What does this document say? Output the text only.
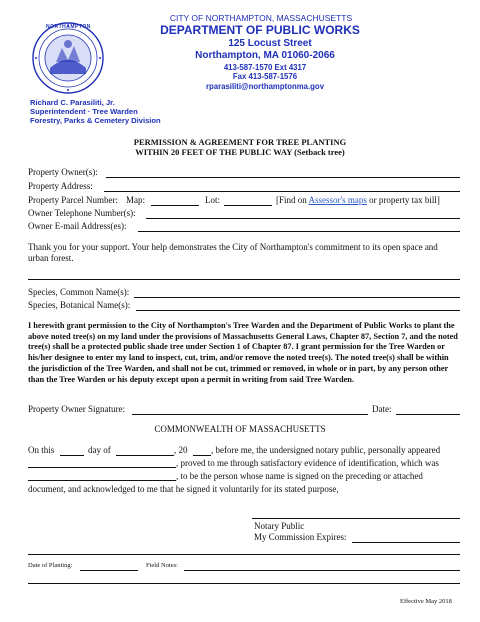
NORTHAMPTON
CITY OF NORTHAMPTON, MASSACHUSETTS
DEPARTMENT OF PUBLIC WORKS
125 Locust Street
Northampton, MA 01060-2066
413-587-1570 Ext 4317
Fax 413-587-1576
rparasiliti@northamptonma.gov
Richard C. Parasiliti, Jr.
Superintendent · Tree Warden
Forestry, Parks & Cemetery Division
PERMISSION & AGREEMENT FOR TREE PLANTING
WITHIN 20 FEET OF THE PUBLIC WAY (Setback tree)
Property Owner(s):
Property Address:
Property Parcel Number: Map:	Lot:	[Find on Assessor's maps or property tax bill]
Owner Telephone Number(s):
Owner E-mail Address(es):
Thank you for your support. Your help demonstrates the City of Northampton's commitment to its open space and urban forest.
Species, Common Name(s):
Species, Botanical Name(s):
I herewith grant permission to the City of Northampton's Tree Warden and the Department of Public Works to plant the above noted tree(s) on my land under the provisions of Massachusetts General Laws, Chapter 87, Section 7, and the noted tree(s) shall be a protected public shade tree under Section 1 of Chapter 87. I grant permission for the Tree Warden or his/her designee to enter my land to inspect, cut, trim, and/or remove the noted tree(s). The noted tree(s) shall be within the jurisdiction of the Tree Warden, and shall not be cut, trimmed or removed, in whole or in part, by any person other than the Tree Warden or his deputy except upon a permit in writing from said Tree Warden.
Property Owner Signature:	Date:
COMMONWEALTH OF MASSACHUSETTS
On this	day of	, 20	, before me, the undersigned notary public, personally appeared
, proved to me through satisfactory evidence of identification, which was
, to be the person whose name is signed on the preceding or attached
document, and acknowledged to me that he signed it voluntarily for its stated purpose,
Notary Public
My Commission Expires:
Date of Planting:	Field Notes:
Effective May 2018
